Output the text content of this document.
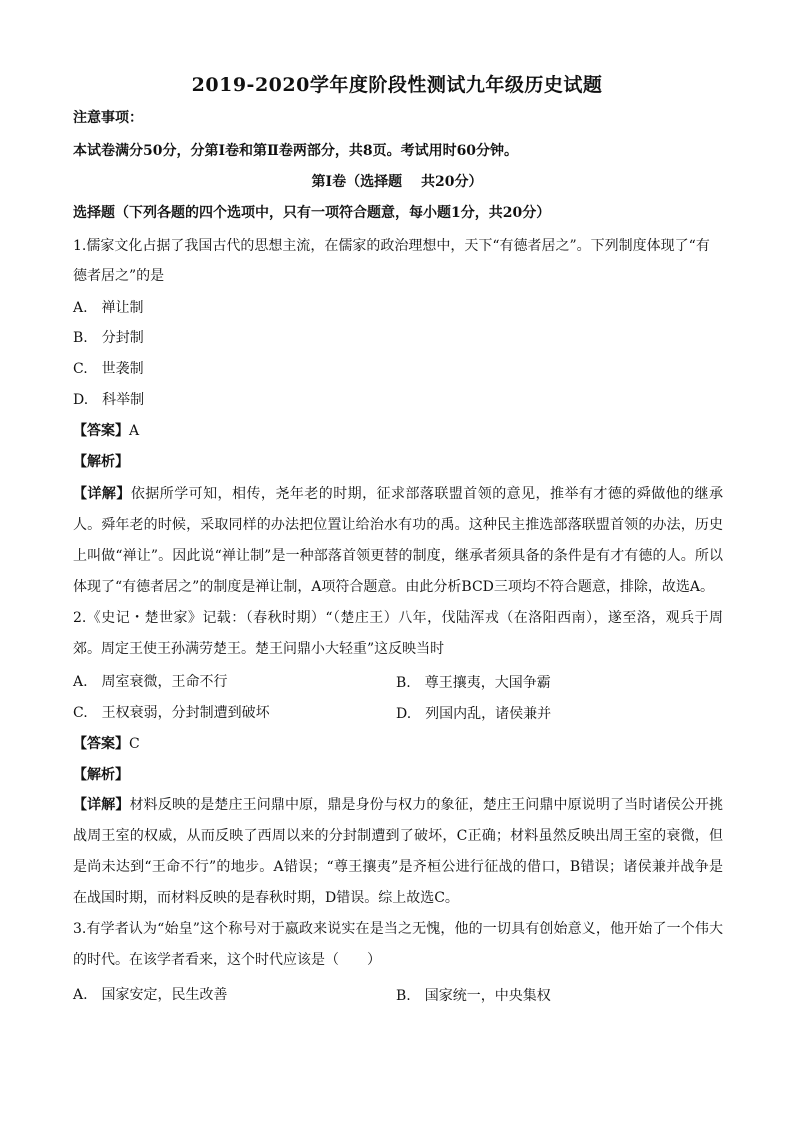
2019-2020学年度阶段性测试九年级历史试题
注意事项：
本试卷满分50分，分第Ⅰ卷和第Ⅱ卷两部分，共8页。考试用时60分钟。
第Ⅰ卷（选择题　 共20分）
选择题（下列各题的四个选项中，只有一项符合题意，每小题1分，共20分）
1.儒家文化占据了我国古代的思想主流，在儒家的政治理想中，天下“有德者居之”。下列制度体现了“有
德者居之”的是
A.　禅让制
B.　分封制
C.　世袭制
D.　科举制
【答案】A
【解析】
【详解】依据所学可知，相传，尧年老的时期，征求部落联盟首领的意见，推举有才德的舜做他的继承人。舜年老的时候，采取同样的办法把位置让给治水有功的禹。这种民主推选部落联盟首领的办法，历史上叫做“禅让”。因此说“禅让制”是一种部落首领更替的制度，继承者须具备的条件是有才有德的人。所以体现了“有德者居之”的制度是禅让制，A项符合题意。由此分析BCD三项均不符合题意，排除，故选A。
2.《史记・楚世家》记载：（春秋时期）“（楚庄王）八年，伐陆浑戎（在洛阳西南），遂至洛，观兵于周郊。周定王使王孙满劳楚王。楚王问鼎小大轻重”这反映当时
A.　周室衰微，王命不行	B.　尊王攘夷，大国争霸
C.　王权衰弱，分封制遭到破坏	D.　列国内乱，诸侯兼并
【答案】C
【解析】
【详解】材料反映的是楚庄王问鼎中原，鼎是身份与权力的象征，楚庄王问鼎中原说明了当时诸侯公开挑战周王室的权威，从而反映了西周以来的分封制遭到了破坏，C正确；材料虽然反映出周王室的衰微，但是尚未达到“王命不行”的地步。A错误；“尊王攘夷”是齐桓公进行征战的借口，B错误；诸侯兼并战争是在战国时期，而材料反映的是春秋时期，D错误。综上故选C。
3.有学者认为“始皇”这个称号对于嬴政来说实在是当之无愧，他的一切具有创始意义，他开始了一个伟大的时代。在该学者看来，这个时代应该是（　　）
A.　国家安定，民生改善	B.　国家统一，中央集权
